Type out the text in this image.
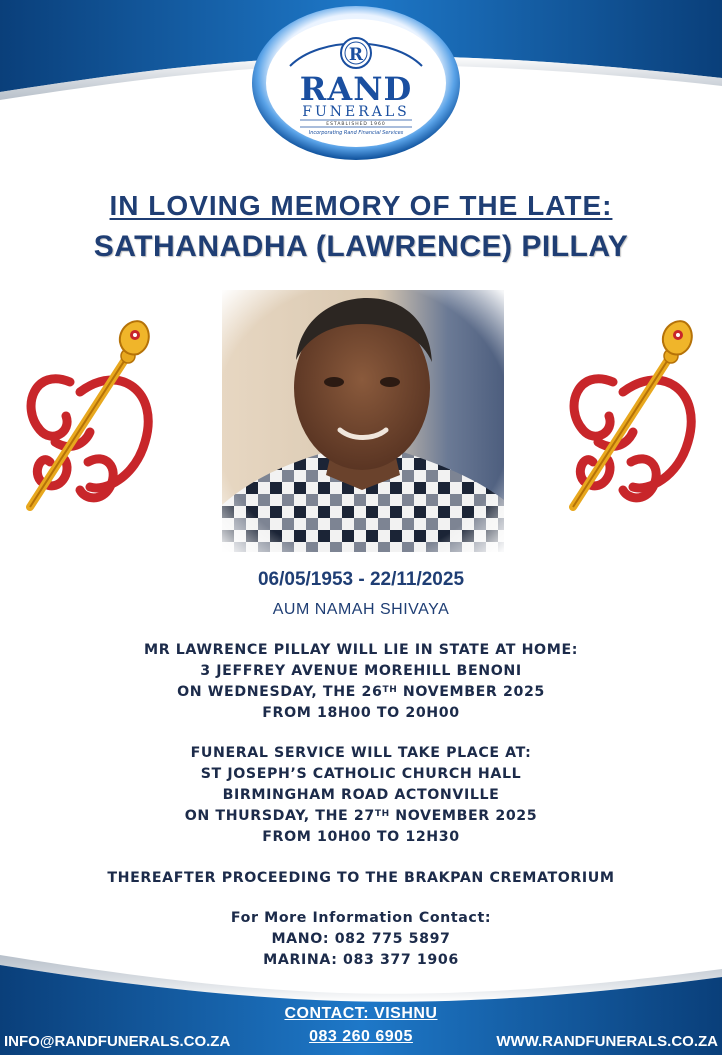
R
RAND
FUNERALS
ESTABLISHED 1960
Incorporating Rand Financial Services
IN LOVING MEMORY OF THE LATE:
SATHANADHA (LAWRENCE) PILLAY
06/05/1953 - 22/11/2025
AUM NAMAH SHIVAYA
MR LAWRENCE PILLAY WILL LIE IN STATE AT HOME:
3 JEFFREY AVENUE MOREHILL BENONI
ON WEDNESDAY, THE 26TH NOVEMBER 2025
FROM 18H00 TO 20H00
FUNERAL SERVICE WILL TAKE PLACE AT:
ST JOSEPH’S CATHOLIC CHURCH HALL
BIRMINGHAM ROAD ACTONVILLE
ON THURSDAY, THE 27TH NOVEMBER 2025
FROM 10H00 TO 12H30
THEREAFTER PROCEEDING TO THE BRAKPAN CREMATORIUM
For More Information Contact:
MANO: 082 775 5897
MARINA: 083 377 1906
CONTACT: VISHNU
083 260 6905
INFO@RANDFUNERALS.CO.ZA	WWW.RANDFUNERALS.CO.ZA
